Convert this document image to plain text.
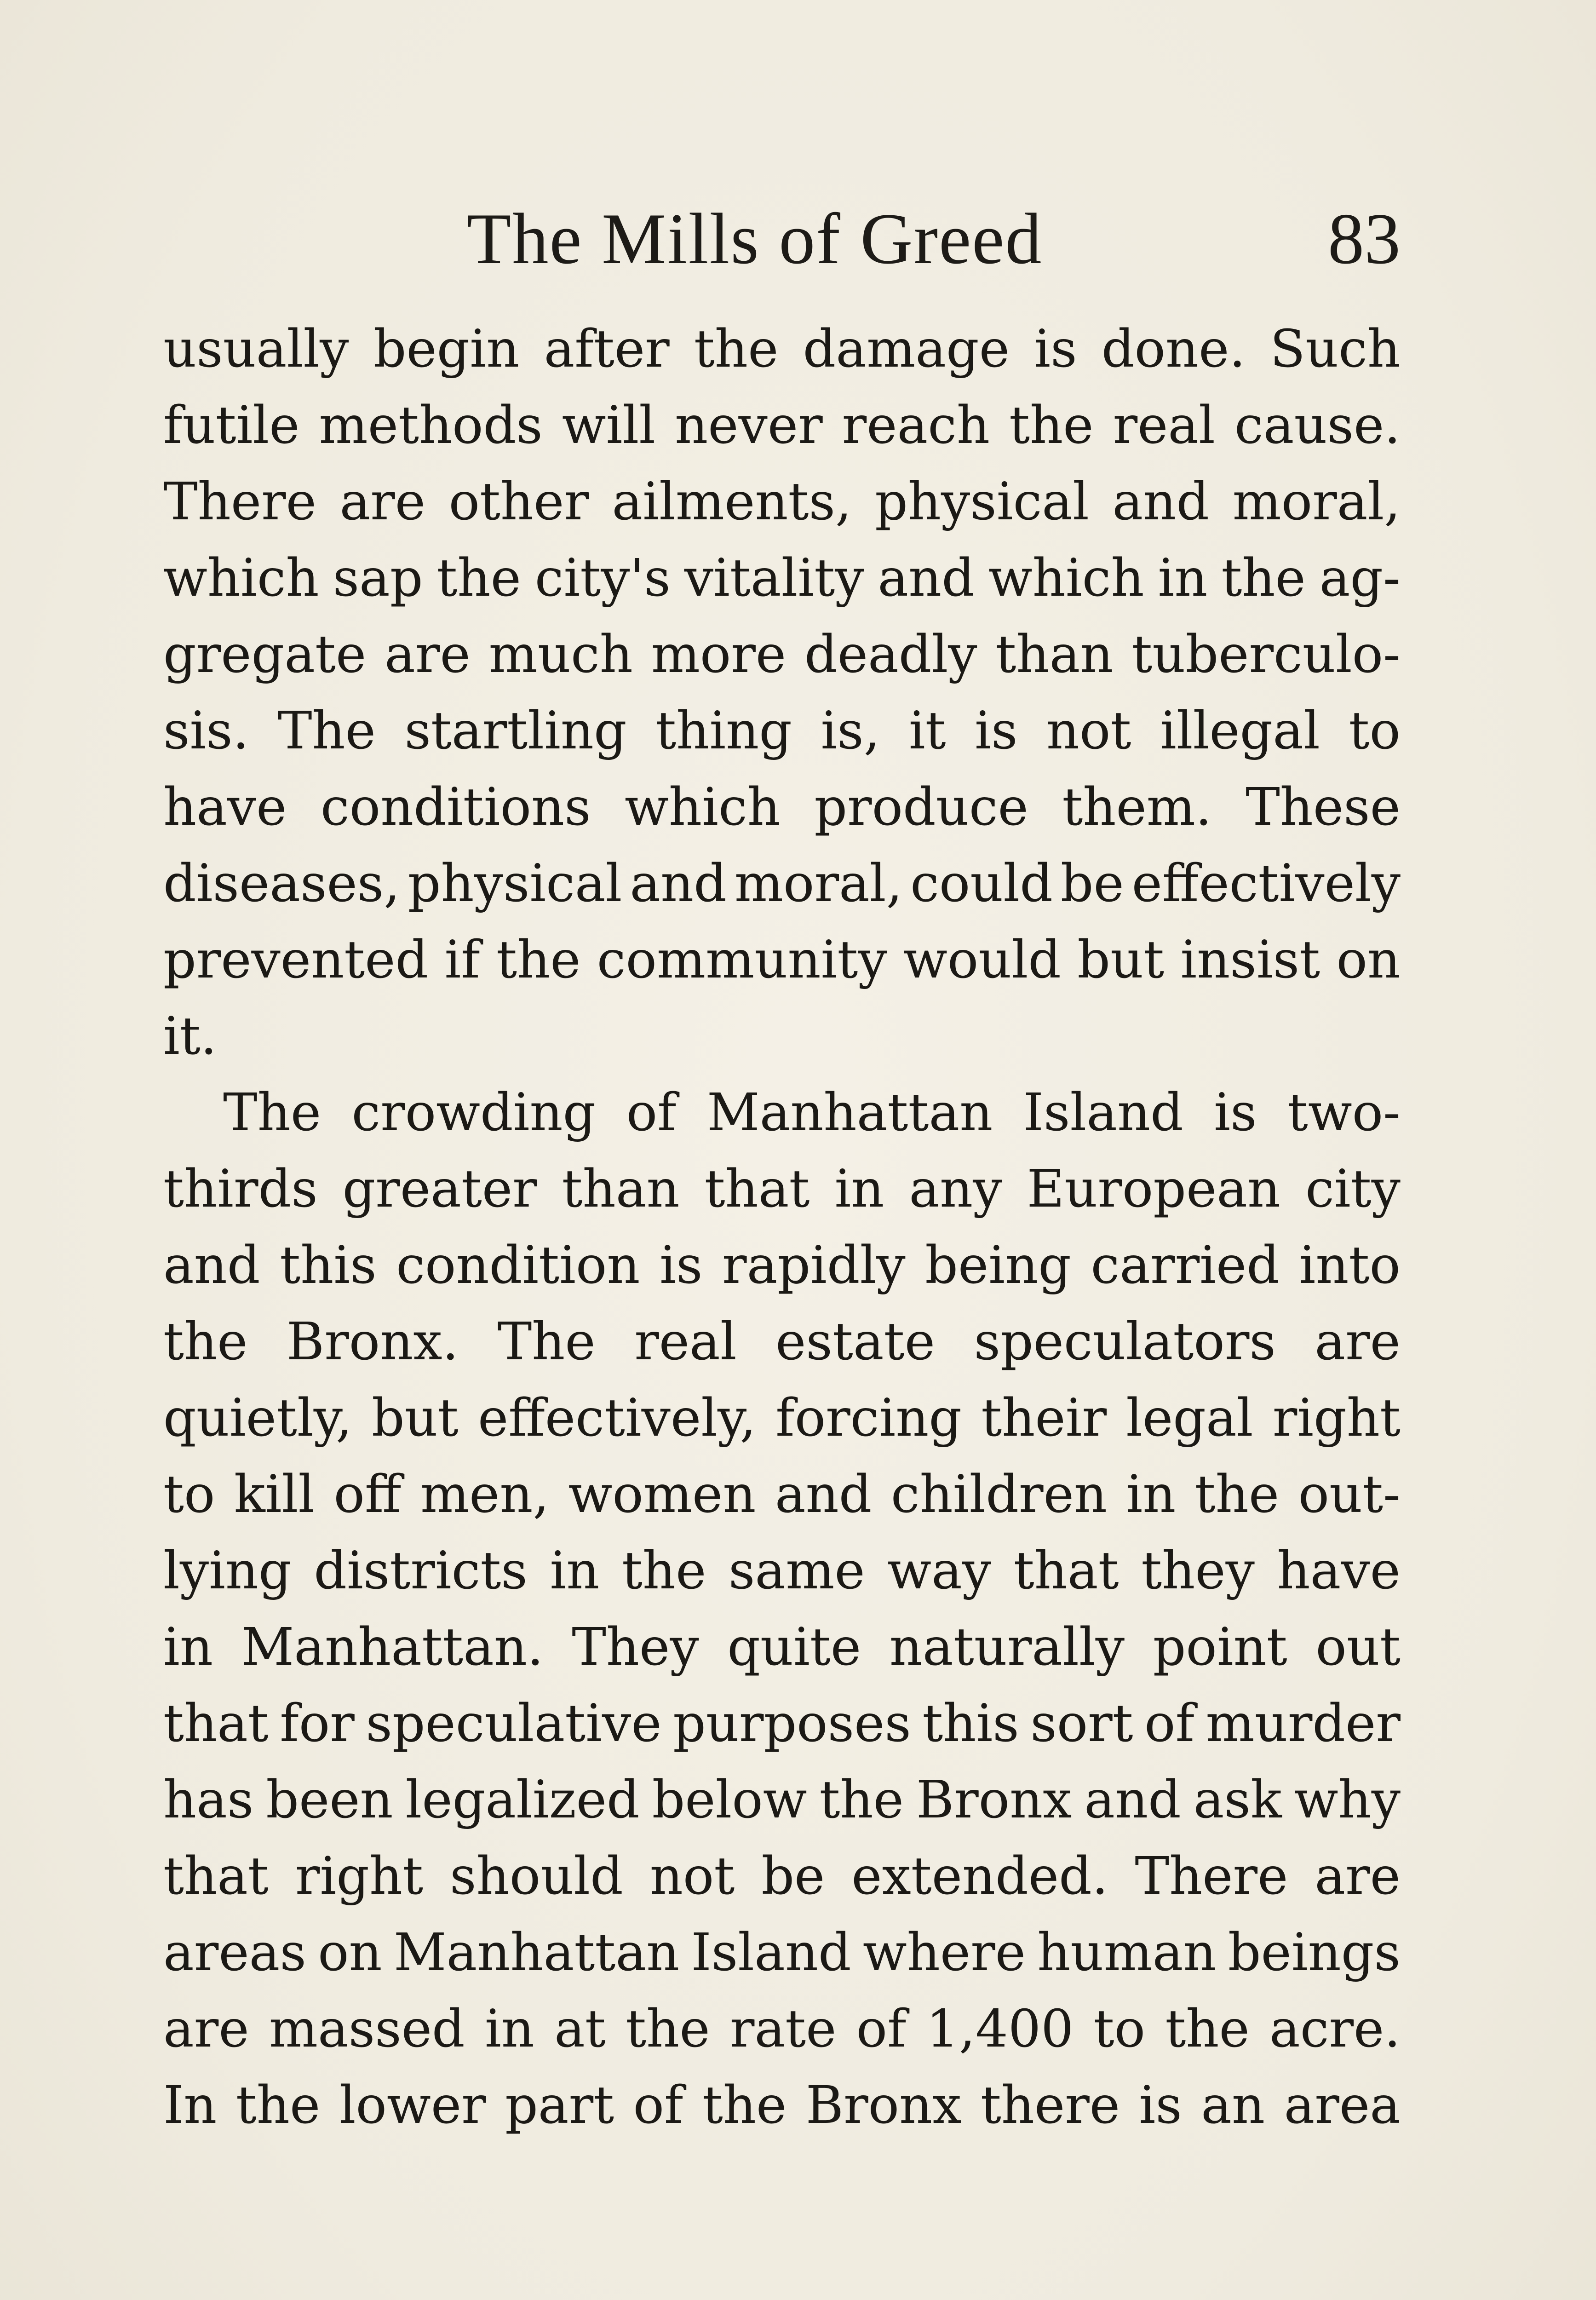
The Mills of Greed	83
usually begin after the damage is done. Such
futile methods will never reach the real cause.
There are other ailments, physical and moral,
which sap the city's vitality and which in the ag-
gregate are much more deadly than tuberculo-
sis. The startling thing is, it is not illegal to
have conditions which produce them. These
diseases, physical and moral, could be effectively
prevented if the community would but insist on
it.
The crowding of Manhattan Island is two-
thirds greater than that in any European city
and this condition is rapidly being carried into
the Bronx. The real estate speculators are
quietly, but effectively, forcing their legal right
to kill off men, women and children in the out-
lying districts in the same way that they have
in Manhattan. They quite naturally point out
that for speculative purposes this sort of murder
has been legalized below the Bronx and ask why
that right should not be extended. There are
areas on Manhattan Island where human beings
are massed in at the rate of 1,400 to the acre.
In the lower part of the Bronx there is an area
